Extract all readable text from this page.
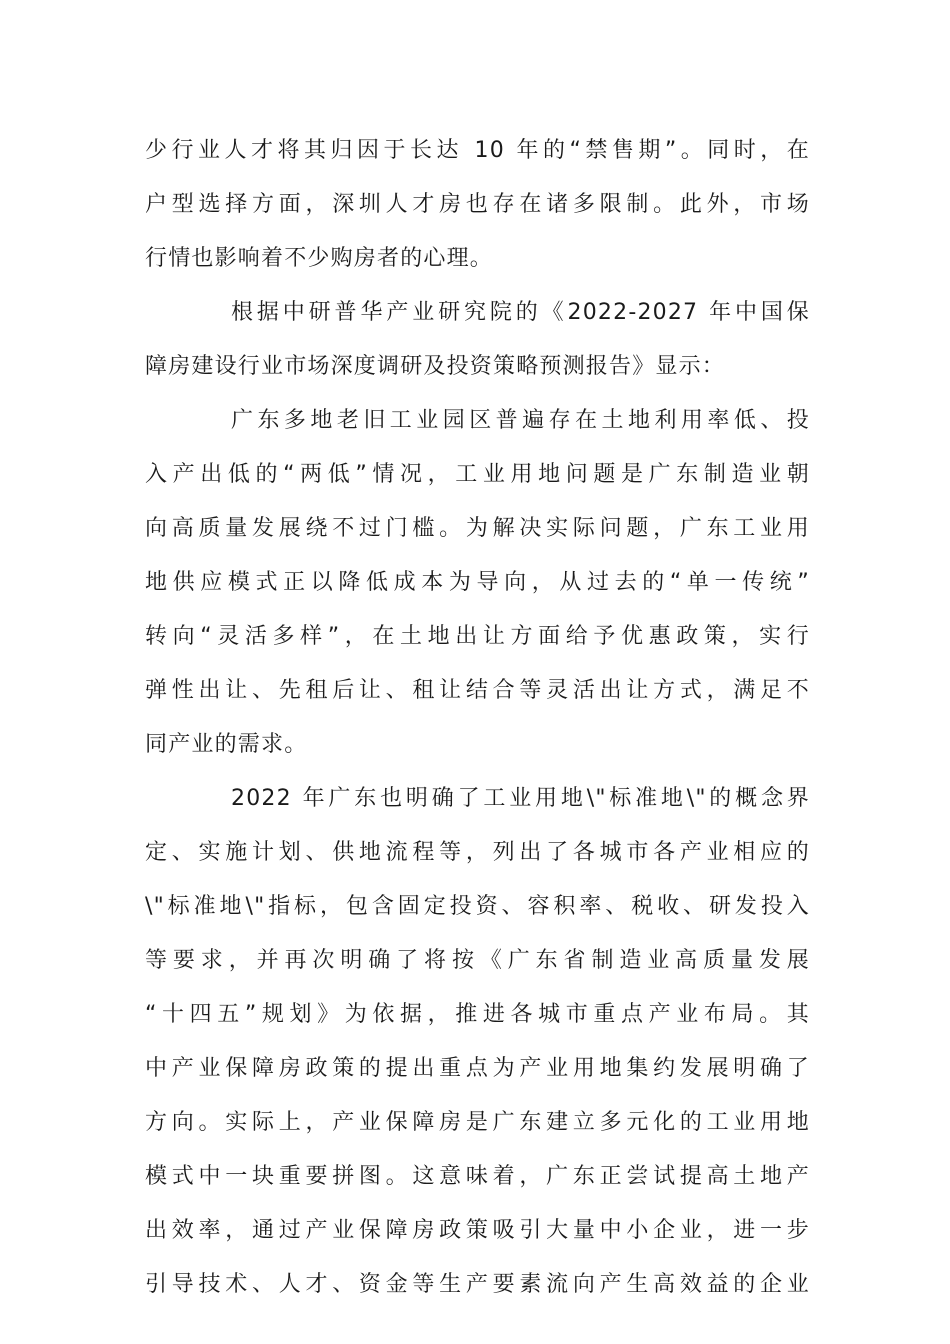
少行业人才将其归因于长达 10 年的“禁售期”。同时，在
户型选择方面，深圳人才房也存在诸多限制。此外，市场
行情也影响着不少购房者的心理。
根据中研普华产业研究院的《2022-2027 年中国保
障房建设行业市场深度调研及投资策略预测报告》显示：
广东多地老旧工业园区普遍存在土地利用率低、投
入产出低的“两低”情况，工业用地问题是广东制造业朝
向高质量发展绕不过门槛。为解决实际问题，广东工业用
地供应模式正以降低成本为导向，从过去的“单一传统”
转向“灵活多样”，在土地出让方面给予优惠政策，实行
弹性出让、先租后让、租让结合等灵活出让方式，满足不
同产业的需求。
2022 年广东也明确了工业用地\"标准地\"的概念界
定、实施计划、供地流程等，列出了各城市各产业相应的
\"标准地\"指标，包含固定投资、容积率、税收、研发投入
等要求，并再次明确了将按《广东省制造业高质量发展
“十四五”规划》为依据，推进各城市重点产业布局。其
中产业保障房政策的提出重点为产业用地集约发展明确了
方向。实际上，产业保障房是广东建立多元化的工业用地
模式中一块重要拼图。这意味着，广东正尝试提高土地产
出效率，通过产业保障房政策吸引大量中小企业，进一步
引导技术、人才、资金等生产要素流向产生高效益的企业
